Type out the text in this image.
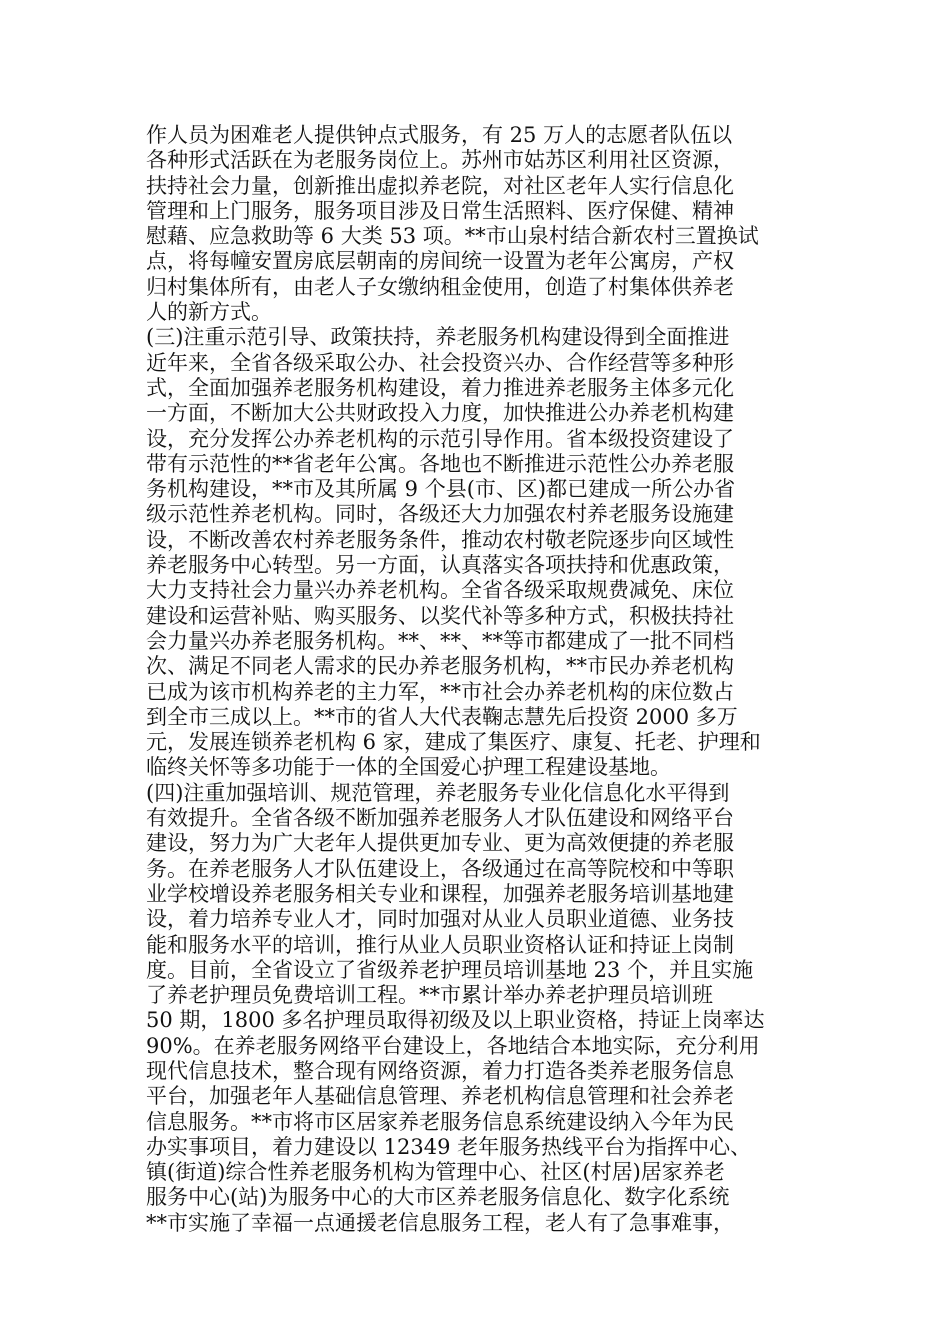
作人员为困难老人提供钟点式服务，有 25 万人的志愿者队伍以
各种形式活跃在为老服务岗位上。苏州市姑苏区利用社区资源，
扶持社会力量，创新推出虚拟养老院，对社区老年人实行信息化
管理和上门服务，服务项目涉及日常生活照料、医疗保健、精神
慰藉、应急救助等 6 大类 53 项。**市山泉村结合新农村三置换试
点，将每幢安置房底层朝南的房间统一设置为老年公寓房，产权
归村集体所有，由老人子女缴纳租金使用，创造了村集体供养老
人的新方式。
(三)注重示范引导、政策扶持，养老服务机构建设得到全面推进
近年来，全省各级采取公办、社会投资兴办、合作经营等多种形
式，全面加强养老服务机构建设，着力推进养老服务主体多元化
一方面，不断加大公共财政投入力度，加快推进公办养老机构建
设，充分发挥公办养老机构的示范引导作用。省本级投资建设了
带有示范性的**省老年公寓。各地也不断推进示范性公办养老服
务机构建设，**市及其所属 9 个县(市、区)都已建成一所公办省
级示范性养老机构。同时，各级还大力加强农村养老服务设施建
设，不断改善农村养老服务条件，推动农村敬老院逐步向区域性
养老服务中心转型。另一方面，认真落实各项扶持和优惠政策，
大力支持社会力量兴办养老机构。全省各级采取规费减免、床位
建设和运营补贴、购买服务、以奖代补等多种方式，积极扶持社
会力量兴办养老服务机构。**、**、**等市都建成了一批不同档
次、满足不同老人需求的民办养老服务机构，**市民办养老机构
已成为该市机构养老的主力军，**市社会办养老机构的床位数占
到全市三成以上。**市的省人大代表鞠志慧先后投资 2000 多万
元，发展连锁养老机构 6 家，建成了集医疗、康复、托老、护理和
临终关怀等多功能于一体的全国爱心护理工程建设基地。
(四)注重加强培训、规范管理，养老服务专业化信息化水平得到
有效提升。全省各级不断加强养老服务人才队伍建设和网络平台
建设，努力为广大老年人提供更加专业、更为高效便捷的养老服
务。在养老服务人才队伍建设上，各级通过在高等院校和中等职
业学校增设养老服务相关专业和课程，加强养老服务培训基地建
设，着力培养专业人才，同时加强对从业人员职业道德、业务技
能和服务水平的培训，推行从业人员职业资格认证和持证上岗制
度。目前，全省设立了省级养老护理员培训基地 23 个，并且实施
了养老护理员免费培训工程。**市累计举办养老护理员培训班
50 期，1800 多名护理员取得初级及以上职业资格，持证上岗率达
90%。在养老服务网络平台建设上，各地结合本地实际，充分利用
现代信息技术，整合现有网络资源，着力打造各类养老服务信息
平台，加强老年人基础信息管理、养老机构信息管理和社会养老
信息服务。**市将市区居家养老服务信息系统建设纳入今年为民
办实事项目，着力建设以 12349 老年服务热线平台为指挥中心、
镇(街道)综合性养老服务机构为管理中心、社区(村居)居家养老
服务中心(站)为服务中心的大市区养老服务信息化、数字化系统
**市实施了幸福一点通援老信息服务工程，老人有了急事难事，
